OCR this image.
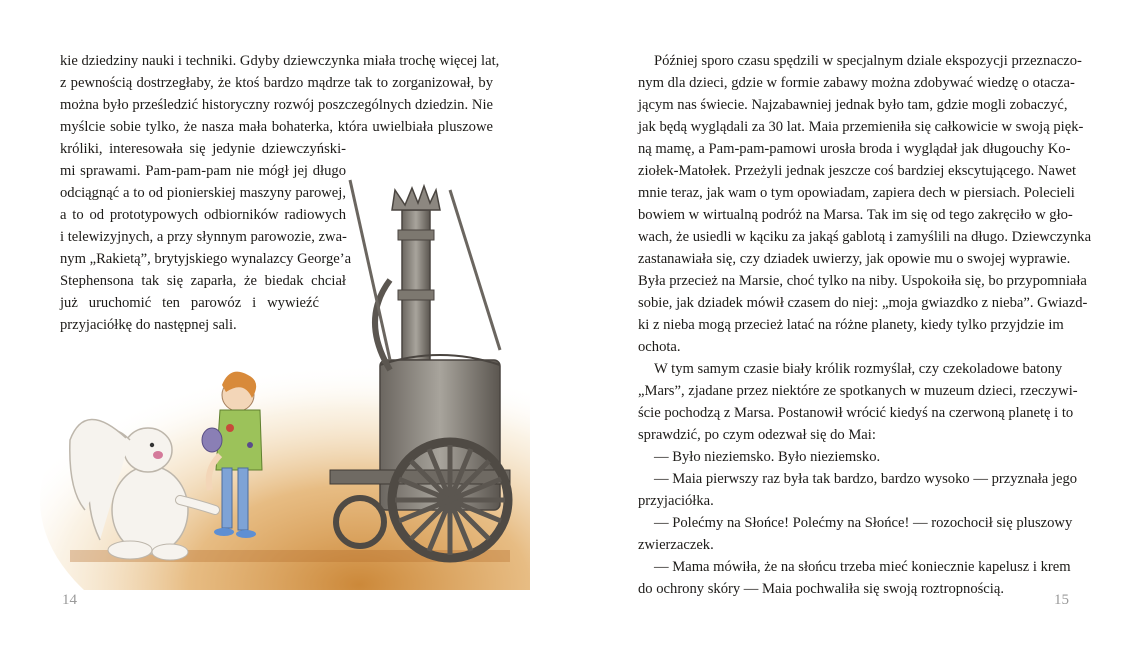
kie dziedziny nauki i techniki. Gdyby dziewczynka miała trochę więcej lat,
z pewnością dostrzegłaby, że ktoś bardzo mądrze tak to zorganizował, by
można było prześledzić historyczny rozwój poszczególnych dziedzin. Nie
myślcie sobie tylko, że nasza mała bohaterka, która uwielbiała pluszowe
króliki, interesowała się jedynie dziewczyński-
mi sprawami. Pam-pam-pam nie mógł jej długo
odciągnąć a to od pionierskiej maszyny parowej,
a to od prototypowych odbiorników radiowych
i telewizyjnych, a przy słynnym parowozie, zwa-
nym „Rakietą”, brytyjskiego wynalazcy George’a
Stephensona tak się zaparła, że biedak chciał
już uruchomić ten parowóz i wywieźć
przyjaciółkę do następnej sali.
14
Później sporo czasu spędzili w specjalnym dziale ekspozycji przeznaczo-
nym dla dzieci, gdzie w formie zabawy można zdobywać wiedzę o otacza-
jącym nas świecie. Najzabawniej jednak było tam, gdzie mogli zobaczyć,
jak będą wyglądali za 30 lat. Maia przemieniła się całkowicie w swoją pięk-
ną mamę, a Pam-pam-pamowi urosła broda i wyglądał jak długouchy Ko-
ziołek-Matołek. Przeżyli jednak jeszcze coś bardziej ekscytującego. Nawet
mnie teraz, jak wam o tym opowiadam, zapiera dech w piersiach. Polecieli
bowiem w wirtualną podróż na Marsa. Tak im się od tego zakręciło w gło-
wach, że usiedli w kąciku za jakąś gablotą i zamyślili na długo. Dziewczynka
zastanawiała się, czy dziadek uwierzy, jak opowie mu o swojej wyprawie.
Była przecież na Marsie, choć tylko na niby. Uspokoiła się, bo przypomniała
sobie, jak dziadek mówił czasem do niej: „moja gwiazdko z nieba”. Gwiazd-
ki z nieba mogą przecież latać na różne planety, kiedy tylko przyjdzie im
ochota.
W tym samym czasie biały królik rozmyślał, czy czekoladowe batony
„Mars”, zjadane przez niektóre ze spotkanych w muzeum dzieci, rzeczywi-
ście pochodzą z Marsa. Postanowił wrócić kiedyś na czerwoną planetę i to
sprawdzić, po czym odezwał się do Mai:
— Było nieziemsko. Było nieziemsko.
— Maia pierwszy raz była tak bardzo, bardzo wysoko — przyznała jego
przyjaciółka.
— Polećmy na Słońce! Polećmy na Słońce! — rozochocił się pluszowy
zwierzaczek.
— Mama mówiła, że na słońcu trzeba mieć koniecznie kapelusz i krem
do ochrony skóry — Maia pochwaliła się swoją roztropnością.
15
